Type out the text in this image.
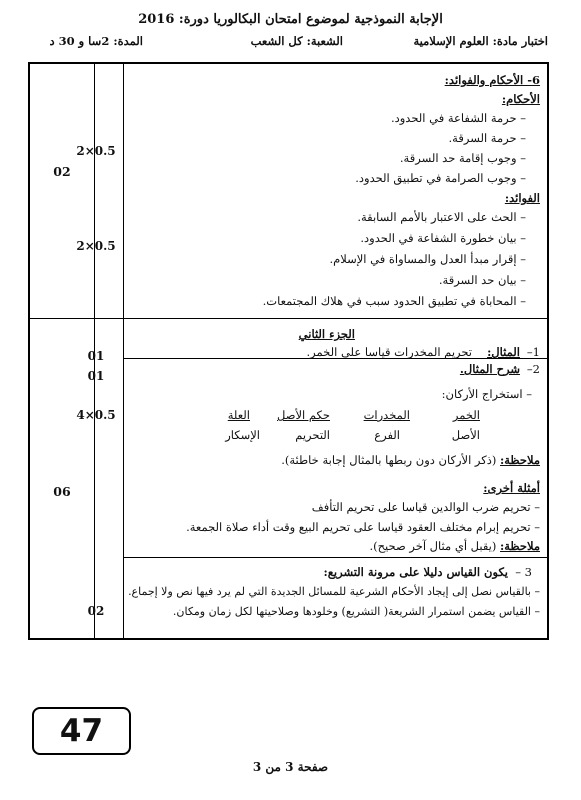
الإجابة النموذجية لموضوع امتحان البكالوريا دورة: 2016
اختبار مادة: العلوم الإسلامية
الشعبة: كل الشعب
المدة: 2سا و 30 د
6- الأحكام والفوائد:
الأحكام:
– حرمة الشفاعة في الحدود.
– حرمة السرقة.
– وجوب إقامة حد السرقة.
– وجوب الصرامة في تطبيق الحدود.
الفوائد:
– الحث على الاعتبار بالأمم السابقة.
– بيان خطورة الشفاعة في الحدود.
– إقرار مبدأ العدل والمساواة في الإسلام.
– بيان حد السرقة.
– المحاباة في تطبيق الحدود سبب في هلاك المجتمعات.
2×0.5
2×0.5
02
الجزء الثاني
1–
المثال:
تحريم المخدرات قياسا على الخمر.
2–
شرح المثال.
01
01
– استخراج الأركان:
الخمر
المخدرات
حكم الأصل
العلة
الأصل
الفرع
التحريم
الإسكار
ملاحظة: (ذكر الأركان دون ربطها بالمثال إجابة خاطئة).
أمثلة أخرى:
– تحريم ضرب الوالدين قياسا على تحريم التأفف
– تحريم إبرام مختلف العقود قياسا على تحريم البيع وقت أداء صلاة الجمعة.
ملاحظة: (يقبل أي مثال آخر صحيح).
4×0.5
06
3 –
يكون القياس دليلا على مرونة التشريع:
– بالقياس نصل إلى إيجاد الأحكام الشرعية للمسائل الجديدة التي لم يرد فيها نص ولا إجماع.
– القياس يضمن استمرار الشريعة( التشريع) وخلودها وصلاحيتها لكل زمان ومكان.
02
47
صفحة 3 من 3
